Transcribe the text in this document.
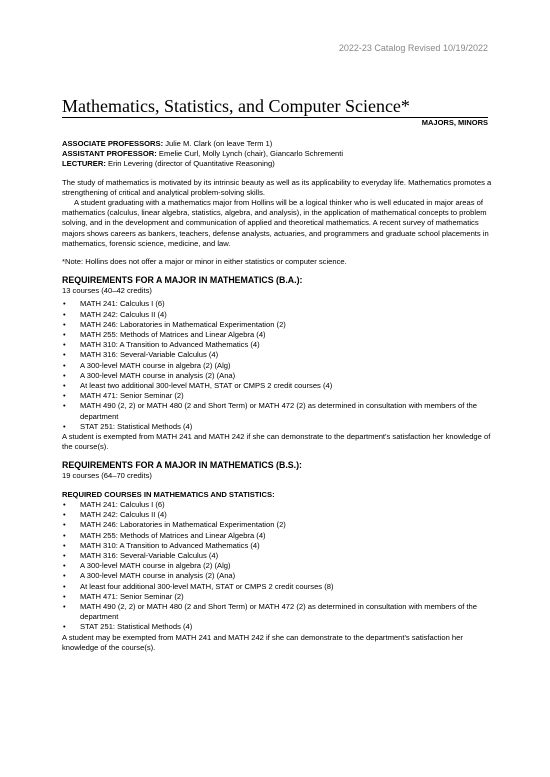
2022-23 Catalog Revised 10/19/2022
Mathematics, Statistics, and Computer Science*
MAJORS, MINORS

ASSOCIATE PROFESSORS: Julie M. Clark (on leave Term 1)

ASSISTANT PROFESSOR: Emelie Curl, Molly Lynch (chair), Giancarlo Schrementi

LECTURER: Erin Levering (director of Quantitative Reasoning)

The study of mathematics is motivated by its intrinsic beauty as well as its applicability to everyday life. Mathematics promotes a strengthening of critical and analytical problem-solving skills.

A student graduating with a mathematics major from Hollins will be a logical thinker who is well educated in major areas of mathematics (calculus, linear algebra, statistics, algebra, and analysis), in the application of mathematical concepts to problem solving, and in the development and communication of applied and theoretical mathematics. A recent survey of mathematics majors shows careers as bankers, teachers, defense analysts, actuaries, and programmers and graduate school placements in mathematics, forensic science, medicine, and law.

*Note: Hollins does not offer a major or minor in either statistics or computer science.

REQUIREMENTS FOR A MAJOR IN MATHEMATICS (B.A.):

13 courses (40–42 credits)

• MATH 241: Calculus I (6)
• MATH 242: Calculus II (4)
• MATH 246: Laboratories in Mathematical Experimentation (2)
• MATH 255: Methods of Matrices and Linear Algebra (4)
• MATH 310: A Transition to Advanced Mathematics (4)
• MATH 316: Several-Variable Calculus (4)
• A 300-level MATH course in algebra (2) (Alg)
• A 300-level MATH course in analysis (2) (Ana)
• At least two additional 300-level MATH, STAT or CMPS 2 credit courses (4)
• MATH 471: Senior Seminar (2)
• MATH 490 (2, 2) or MATH 480 (2 and Short Term) or MATH 472 (2) as determined in consultation with members of the department
• STAT 251: Statistical Methods (4)

A student is exempted from MATH 241 and MATH 242 if she can demonstrate to the department's satisfaction her knowledge of the course(s).

REQUIREMENTS FOR A MAJOR IN MATHEMATICS (B.S.):

19 courses (64–70 credits)

REQUIRED COURSES IN MATHEMATICS AND STATISTICS:

• MATH 241: Calculus I (6)
• MATH 242: Calculus II (4)
• MATH 246: Laboratories in Mathematical Experimentation (2)
• MATH 255: Methods of Matrices and Linear Algebra (4)
• MATH 310: A Transition to Advanced Mathematics (4)
• MATH 316: Several-Variable Calculus (4)
• A 300-level MATH course in algebra (2) (Alg)
• A 300-level MATH course in analysis (2) (Ana)
• At least four additional 300-level MATH, STAT or CMPS 2 credit courses (8)
• MATH 471: Senior Seminar (2)
• MATH 490 (2, 2) or MATH 480 (2 and Short Term) or MATH 472 (2) as determined in consultation with members of the department
• STAT 251: Statistical Methods (4)

A student may be exempted from MATH 241 and MATH 242 if she can demonstrate to the department's satisfaction her knowledge of the course(s).
